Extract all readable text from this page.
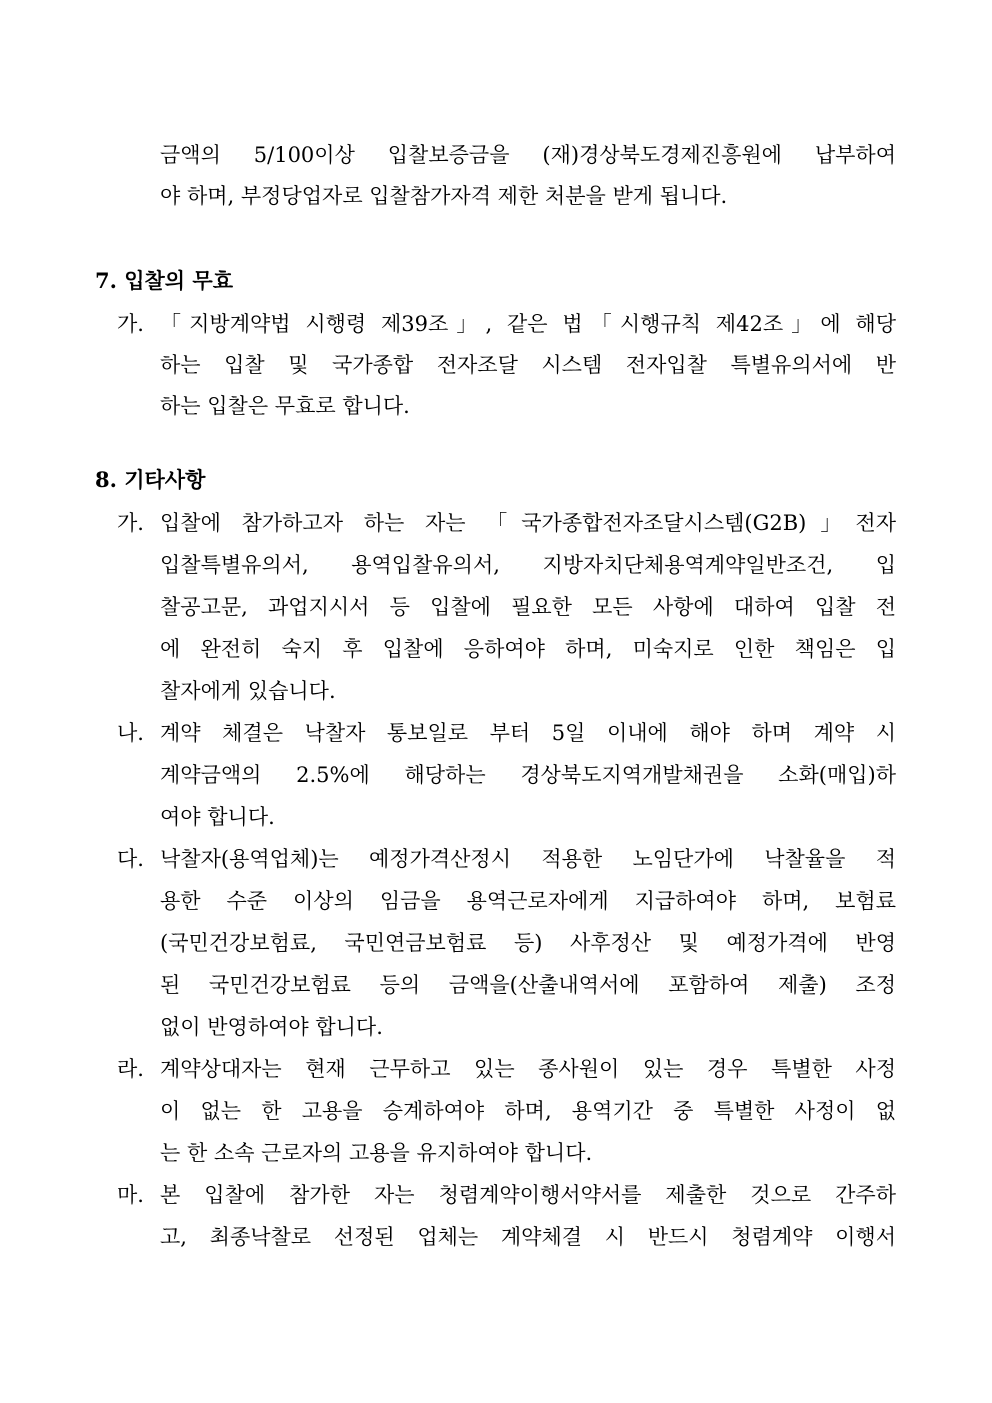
금액의 5/100이상 입찰보증금을 (재)경상북도경제진흥원에 납부하여
야 하며, 부정당업자로 입찰참가자격 제한 처분을 받게 됩니다.
7. 입찰의 무효
가. 「지방계약법 시행령 제39조」, 같은 법「시행규칙 제42조」에 해당
하는 입찰 및 국가종합 전자조달 시스템 전자입찰 특별유의서에 반
하는 입찰은 무효로 합니다.
8. 기타사항
가. 입찰에 참가하고자 하는 자는 「국가종합전자조달시스템(G2B)」전자
입찰특별유의서, 용역입찰유의서, 지방자치단체용역계약일반조건, 입
찰공고문, 과업지시서 등 입찰에 필요한 모든 사항에 대하여 입찰 전
에 완전히 숙지 후 입찰에 응하여야 하며, 미숙지로 인한 책임은 입
찰자에게 있습니다.
나. 계약 체결은 낙찰자 통보일로 부터 5일 이내에 해야 하며 계약 시
계약금액의 2.5%에 해당하는 경상북도지역개발채권을 소화(매입)하
여야 합니다.
다. 낙찰자(용역업체)는 예정가격산정시 적용한 노임단가에 낙찰율을 적
용한 수준 이상의 임금을 용역근로자에게 지급하여야 하며, 보험료
(국민건강보험료, 국민연금보험료 등) 사후정산 및 예정가격에 반영
된 국민건강보험료 등의 금액을(산출내역서에 포함하여 제출) 조정
없이 반영하여야 합니다.
라. 계약상대자는 현재 근무하고 있는 종사원이 있는 경우 특별한 사정
이 없는 한 고용을 승계하여야 하며, 용역기간 중 특별한 사정이 없
는 한 소속 근로자의 고용을 유지하여야 합니다.
마. 본 입찰에 참가한 자는 청렴계약이행서약서를 제출한 것으로 간주하
고, 최종낙찰로 선정된 업체는 계약체결 시 반드시 청렴계약 이행서
